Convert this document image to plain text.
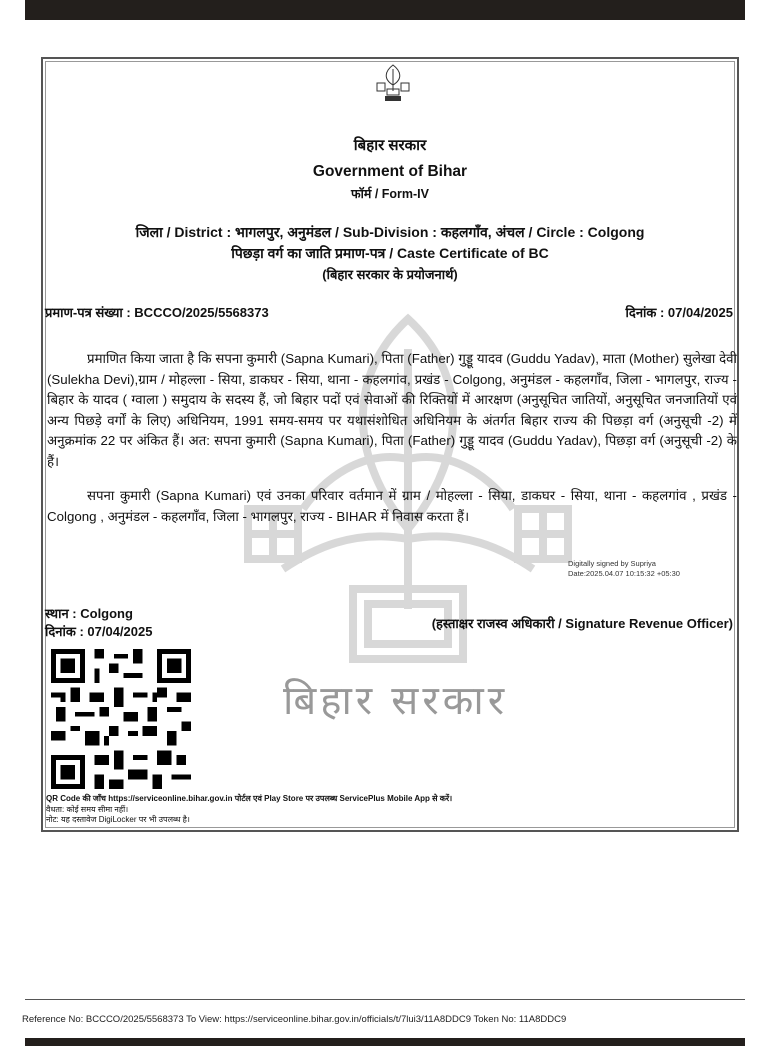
बिहार सरकार
बिहार सरकार
Government of Bihar
फॉर्म / Form-IV
जिला / District : भागलपुर, अनुमंडल / Sub-Division : कहलगाँव, अंचल / Circle : Colgong
पिछड़ा वर्ग का जाति प्रमाण-पत्र / Caste Certificate of BC
(बिहार सरकार के प्रयोजनार्थ)
प्रमाण-पत्र संख्या : BCCCO/2025/5568373	दिनांक : 07/04/2025
प्रमाणित किया जाता है कि सपना कुमारी (Sapna Kumari), पिता (Father) गुड्डू यादव (Guddu Yadav), माता (Mother) सुलेखा देवी (Sulekha Devi),ग्राम / मोहल्ला - सिया, डाकघर - सिया, थाना - कहलगांव, प्रखंड - Colgong, अनुमंडल - कहलगाँव, जिला - भागलपुर, राज्य - बिहार के यादव ( ग्वाला ) समुदाय के सदस्य हैं, जो बिहार पदों एवं सेवाओं की रिक्तियों में आरक्षण (अनुसूचित जातियों, अनुसूचित जनजातियों एवं अन्य पिछड़े वर्गों के लिए) अधिनियम, 1991 समय-समय पर यथासंशोधित अधिनियम के अंतर्गत बिहार राज्य की पिछड़ा वर्ग (अनुसूची -2) में अनुक्रमांक 22 पर अंकित हैं। अत: सपना कुमारी (Sapna Kumari), पिता (Father) गुड्डू यादव (Guddu Yadav), पिछड़ा वर्ग (अनुसूची -2) के हैं।
सपना कुमारी (Sapna Kumari) एवं उनका परिवार वर्तमान में ग्राम / मोहल्ला - सिया, डाकघर - सिया, थाना - कहलगांव , प्रखंड - Colgong , अनुमंडल - कहलगाँव, जिला - भागलपुर, राज्य - BIHAR में निवास करता हैं।
Digitally signed by Supriya
Date:2025.04.07 10:15:32 +05:30
स्थान : Colgong
दिनांक : 07/04/2025
(हस्ताक्षर राजस्व अधिकारी / Signature Revenue Officer)
QR Code की जाँच https://serviceonline.bihar.gov.in पोर्टल एवं Play Store पर उपलब्ध ServicePlus Mobile App से करें।
वैधता: कोई समय सीमा नहीं।
नोट: यह दस्तावेज DigiLocker पर भी उपलब्ध है।
Reference No: BCCCO/2025/5568373 To View: https://serviceonline.bihar.gov.in/officials/t/7lui3/11A8DDC9 Token No: 11A8DDC9
